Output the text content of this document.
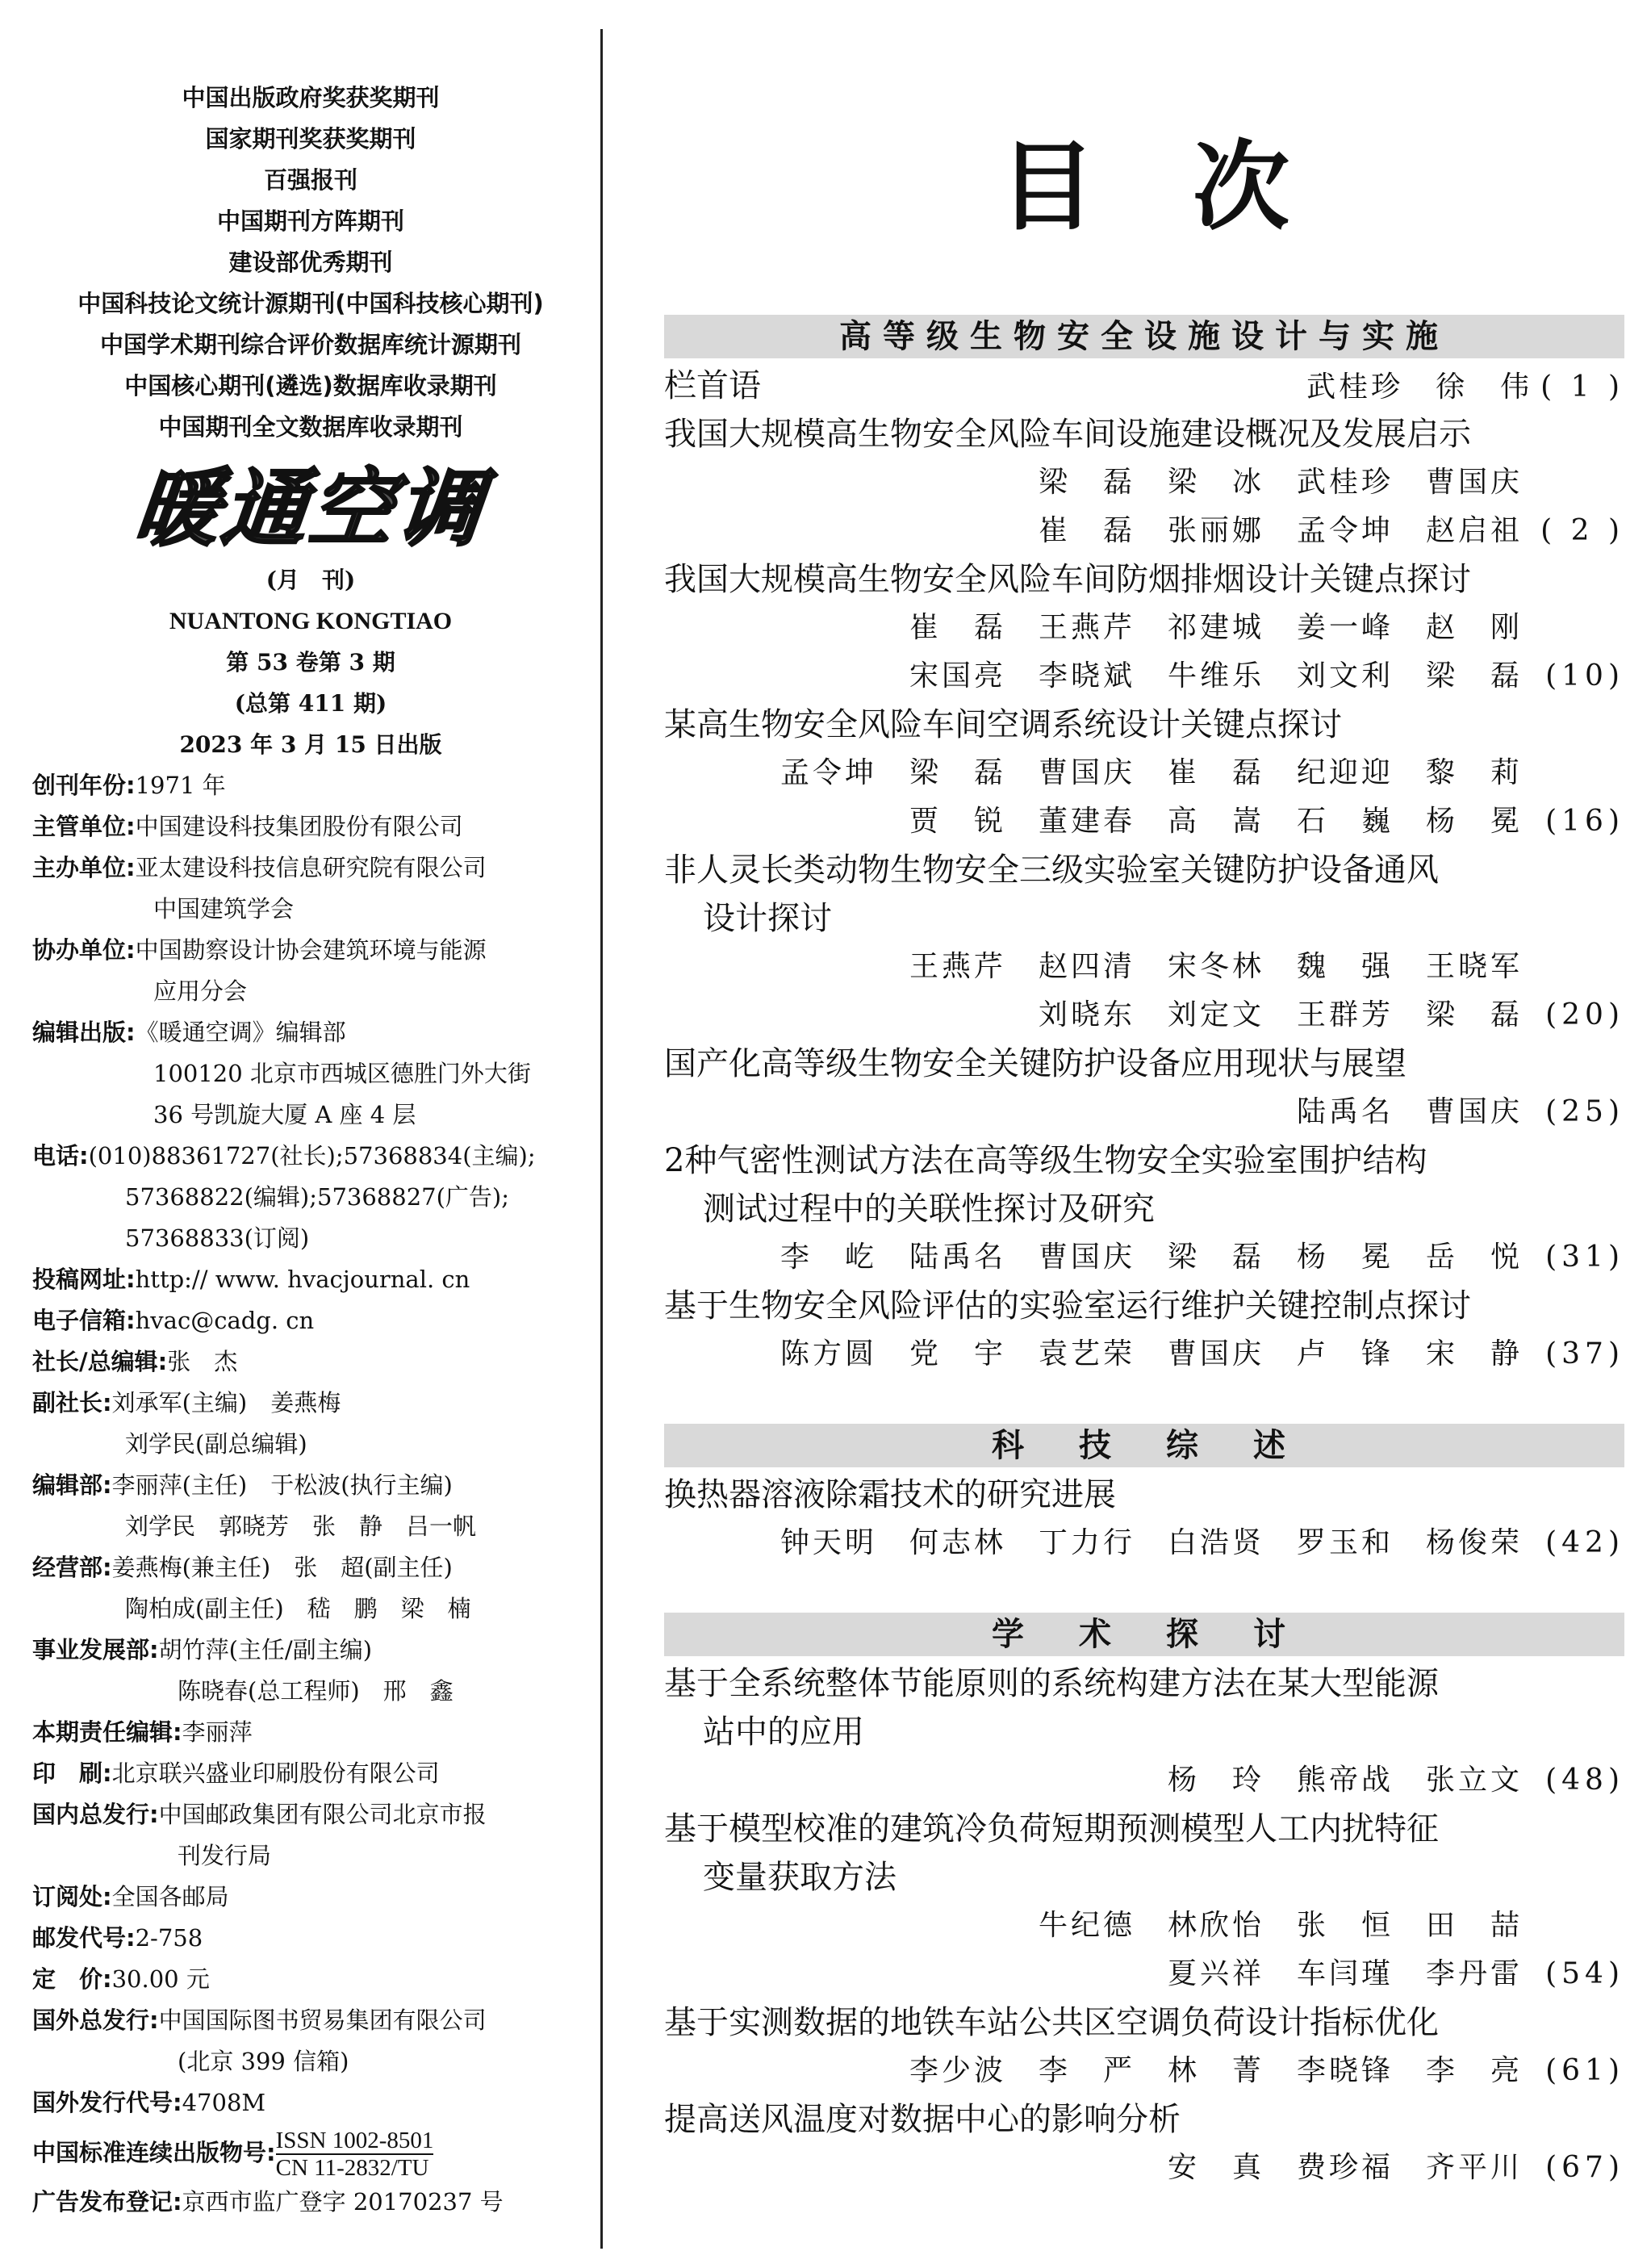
中国出版政府奖获奖期刊
国家期刊奖获奖期刊
百强报刊
中国期刊方阵期刊
建设部优秀期刊
中国科技论文统计源期刊(中国科技核心期刊)
中国学术期刊综合评价数据库统计源期刊
中国核心期刊(遴选)数据库收录期刊
中国期刊全文数据库收录期刊
暖通空调
(月　刊)
NUANTONG KONGTIAO
第 53 卷第 3 期
(总第 411 期)
2023 年 3 月 15 日出版
创刊年份:1971 年
主管单位:中国建设科技集团股份有限公司
主办单位:亚太建设科技信息研究院有限公司
中国建筑学会
协办单位:中国勘察设计协会建筑环境与能源
应用分会
编辑出版:《暖通空调》编辑部
100120 北京市西城区德胜门外大街
36 号凯旋大厦 A 座 4 层
电话:(010)88361727(社长);57368834(主编);
57368822(编辑);57368827(广告);
57368833(订阅)
投稿网址:http:// www. hvacjournal. cn
电子信箱:hvac@cadg. cn
社长/总编辑:张　杰
副社长:刘承军(主编)　姜燕梅
刘学民(副总编辑)
编辑部:李丽萍(主任)　于松波(执行主编)
刘学民　郭晓芳　张　静　吕一帆
经营部:姜燕梅(兼主任)　张　超(副主任)
陶柏成(副主任)　嵇　鹏　梁　楠
事业发展部:胡竹萍(主任/副主编)
陈晓春(总工程师)　邢　鑫
本期责任编辑:李丽萍
印　刷:北京联兴盛业印刷股份有限公司
国内总发行:中国邮政集团有限公司北京市报
刊发行局
订阅处:全国各邮局
邮发代号:2-758
定　价:30.00 元
国外总发行:中国国际图书贸易集团有限公司
(北京 399 信箱)
国外发行代号:4708M
中国标准连续出版物号: ISSN 1002-8501
CN 11-2832/TU
广告发布登记:京西市监广登字 20170237 号
目次
高等级生物安全设施设计与实施
栏首语	武桂珍　徐　伟 ( 1 )
我国大规模高生物安全风险车间设施建设概况及发展启示
梁　磊　梁　冰　武桂珍　曹国庆
崔　磊　张丽娜　孟令坤　赵启祖 ( 2 )
我国大规模高生物安全风险车间防烟排烟设计关键点探讨
崔　磊　王燕芹　祁建城　姜一峰　赵　刚
宋国亮　李晓斌　牛维乐　刘文利　梁　磊 (10)
某高生物安全风险车间空调系统设计关键点探讨
孟令坤　梁　磊　曹国庆　崔　磊　纪迎迎　黎　莉
贾　锐　董建春　高　嵩　石　巍　杨　冕 (16)
非人灵长类动物生物安全三级实验室关键防护设备通风
设计探讨
王燕芹　赵四清　宋冬林　魏　强　王晓军
刘晓东　刘定文　王群芳　梁　磊 (20)
国产化高等级生物安全关键防护设备应用现状与展望
陆禹名　曹国庆 (25)
2种气密性测试方法在高等级生物安全实验室围护结构
测试过程中的关联性探讨及研究
李　屹　陆禹名　曹国庆　梁　磊　杨　冕　岳　悦 (31)
基于生物安全风险评估的实验室运行维护关键控制点探讨
陈方圆　党　宇　袁艺荣　曹国庆　卢　锋　宋　静 (37)
科　技　综　述
换热器溶液除霜技术的研究进展
钟天明　何志林　丁力行　白浩贤　罗玉和　杨俊荣 (42)
学　术　探　讨
基于全系统整体节能原则的系统构建方法在某大型能源
站中的应用
杨　玲　熊帝战　张立文 (48)
基于模型校准的建筑冷负荷短期预测模型人工内扰特征
变量获取方法
牛纪德　林欣怡　张　恒　田　喆
夏兴祥　车闫瑾　李丹雷 (54)
基于实测数据的地铁车站公共区空调负荷设计指标优化
李少波　李　严　林　菁　李晓锋　李　亮 (61)
提高送风温度对数据中心的影响分析
安　真　费珍福　齐平川 (67)
